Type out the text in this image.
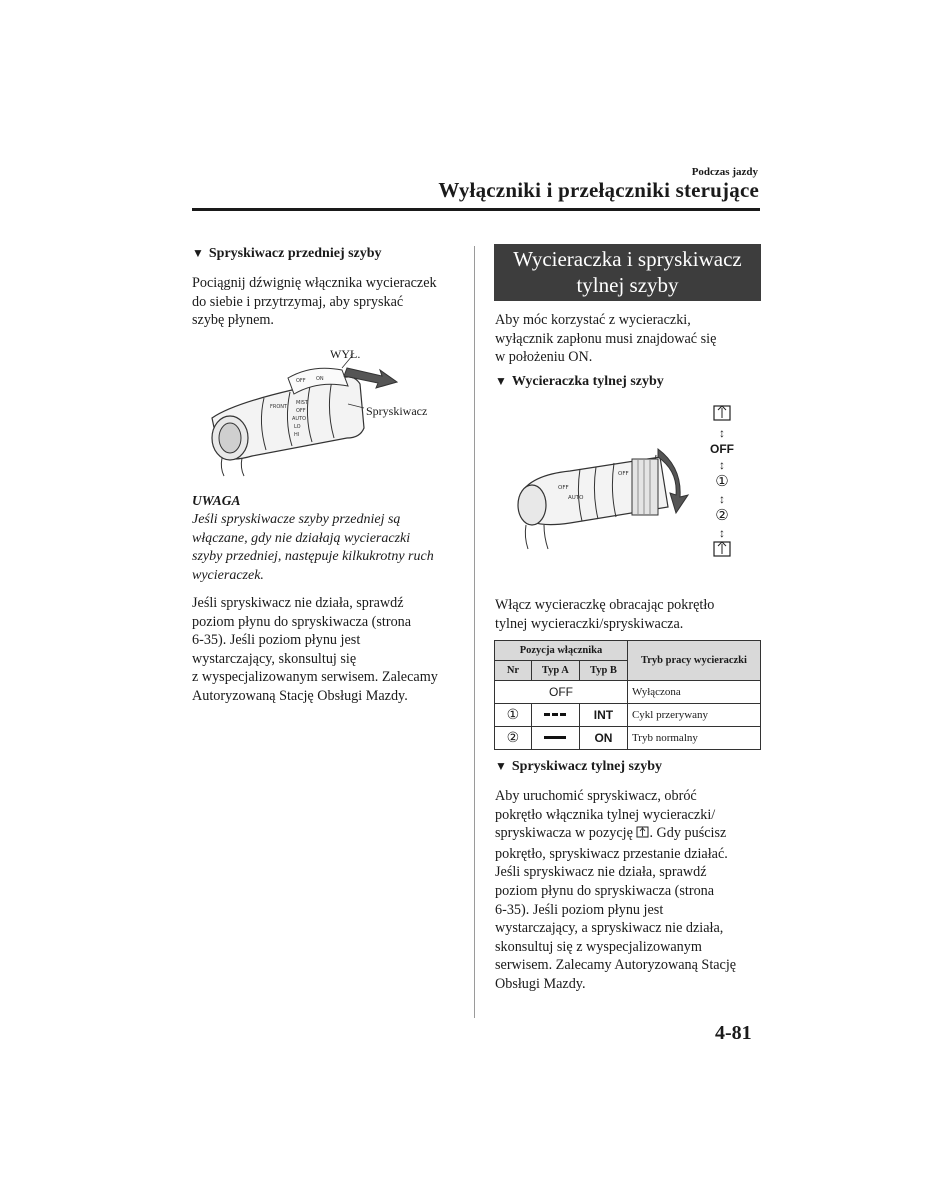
Podczas jazdy
Wyłączniki i przełączniki sterujące
▼ Spryskiwacz przedniej szyby
Pociągnij dźwignię włącznika wycieraczek
do siebie i przytrzymaj, aby spryskać
szybę płynem.
FRONT
MIST
OFF
AUTO
LO
HI
OFF ON
WYŁ.
Spryskiwacz
UWAGA
Jeśli spryskiwacze szyby przedniej są
włączane, gdy nie działają wycieraczki
szyby przedniej, następuje kilkukrotny ruch
wycieraczek.
Jeśli spryskiwacz nie działa, sprawdź
poziom płynu do spryskiwacza (strona
6-35). Jeśli poziom płynu jest
wystarczający, skonsultuj się
z wyspecjalizowanym serwisem. Zalecamy
Autoryzowaną Stację Obsługi Mazdy.
Wycieraczka i spryskiwacz
tylnej szyby
Aby móc korzystać z wycieraczki,
wyłącznik zapłonu musi znajdować się
w położeniu ON.
▼ Wycieraczka tylnej szyby
OFF
AUTO
OFF
↕
OFF
↕
①
↕
②
↕
Włącz wycieraczkę obracając pokrętło
tylnej wycieraczki/spryskiwacza.
Pozycja włącznika			Tryb pracy wycieraczki
Nr	Typ A	Typ B	
OFF			Wyłączona
①		INT	Cykl przerywany
②		ON	Tryb normalny
▼ Spryskiwacz tylnej szyby
Aby uruchomić spryskiwacz, obróć
pokrętło włącznika tylnej wycieraczki/
spryskiwacza w pozycję . Gdy puścisz
pokrętło, spryskiwacz przestanie działać.
Jeśli spryskiwacz nie działa, sprawdź
poziom płynu do spryskiwacza (strona
6-35). Jeśli poziom płynu jest
wystarczający, a spryskiwacz nie działa,
skonsultuj się z wyspecjalizowanym
serwisem. Zalecamy Autoryzowaną Stację
Obsługi Mazdy.
4-81
